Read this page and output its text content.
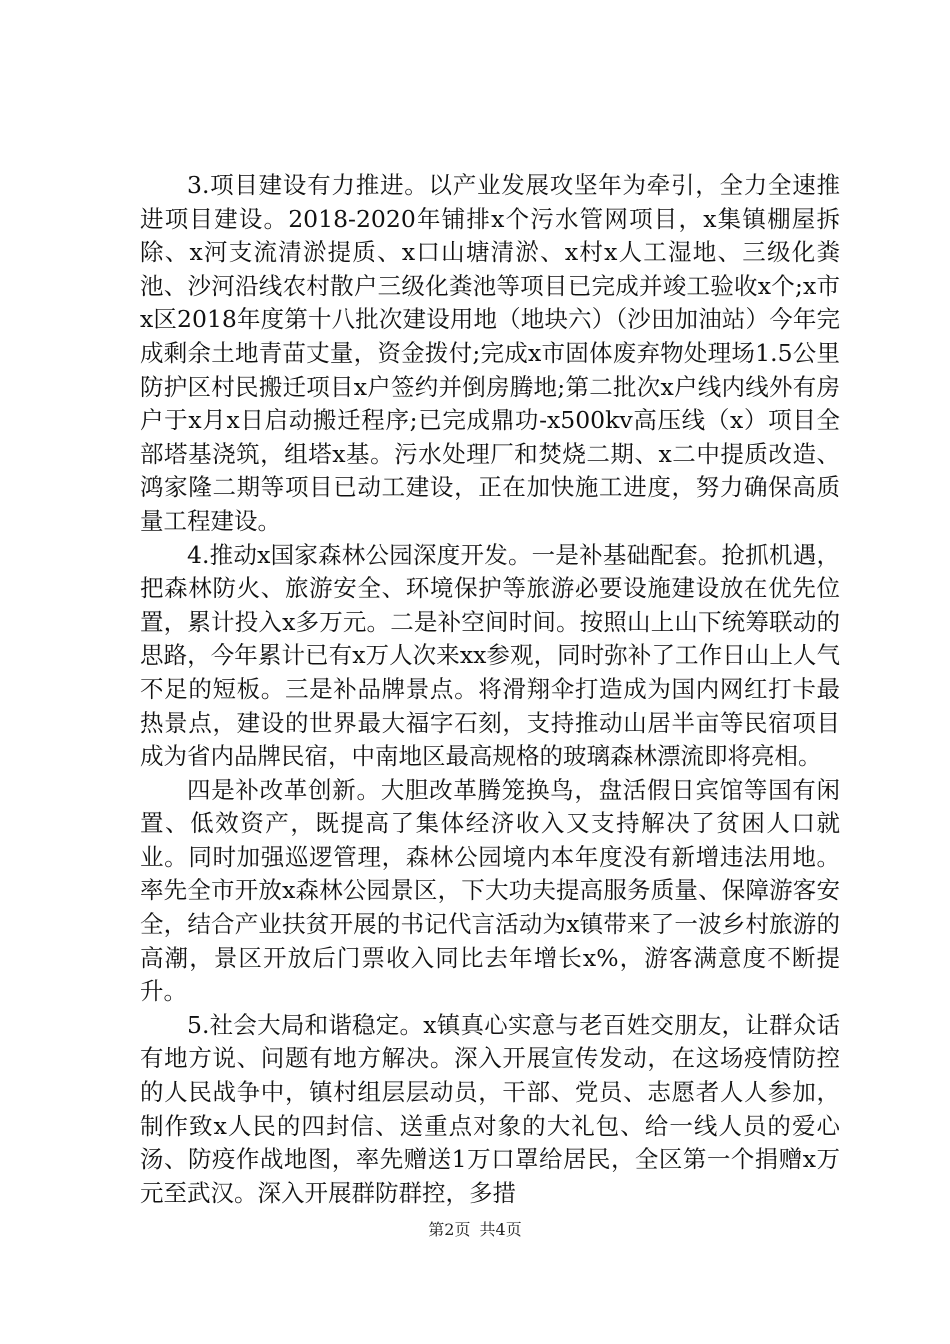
3.项目建设有力推进。以产业发展攻坚年为牵引，全力全速推进项目建设。2018-2020年铺排x个污水管网项目，x集镇棚屋拆除、x河支流清淤提质、x口山塘清淤、x村x人工湿地、三级化粪池、沙河沿线农村散户三级化粪池等项目已完成并竣工验收x个;x市x区2018年度第十八批次建设用地（地块六）（沙田加油站）今年完成剩余土地青苗丈量，资金拨付;完成x市固体废弃物处理场1.5公里防护区村民搬迁项目x户签约并倒房腾地;第二批次x户线内线外有房户于x月x日启动搬迁程序;已完成鼎功-x500kv高压线（x）项目全部塔基浇筑，组塔x基。污水处理厂和焚烧二期、x二中提质改造、鸿家隆二期等项目已动工建设，正在加快施工进度，努力确保高质量工程建设。

4.推动x国家森林公园深度开发。一是补基础配套。抢抓机遇，把森林防火、旅游安全、环境保护等旅游必要设施建设放在优先位置，累计投入x多万元。二是补空间时间。按照山上山下统筹联动的思路，今年累计已有x万人次来xx参观，同时弥补了工作日山上人气不足的短板。三是补品牌景点。将滑翔伞打造成为国内网红打卡最热景点，建设的世界最大福字石刻，支持推动山居半亩等民宿项目成为省内品牌民宿，中南地区最高规格的玻璃森林漂流即将亮相。

四是补改革创新。大胆改革腾笼换鸟，盘活假日宾馆等国有闲置、低效资产，既提高了集体经济收入又支持解决了贫困人口就业。同时加强巡逻管理，森林公园境内本年度没有新增违法用地。率先全市开放x森林公园景区，下大功夫提高服务质量、保障游客安全，结合产业扶贫开展的书记代言活动为x镇带来了一波乡村旅游的高潮，景区开放后门票收入同比去年增长x%，游客满意度不断提升。

5.社会大局和谐稳定。x镇真心实意与老百姓交朋友，让群众话有地方说、问题有地方解决。深入开展宣传发动，在这场疫情防控的人民战争中，镇村组层层动员，干部、党员、志愿者人人参加，制作致x人民的四封信、送重点对象的大礼包、给一线人员的爱心汤、防疫作战地图，率先赠送1万口罩给居民，全区第一个捐赠x万元至武汉。深入开展群防群控，多措

第2页 共4页
